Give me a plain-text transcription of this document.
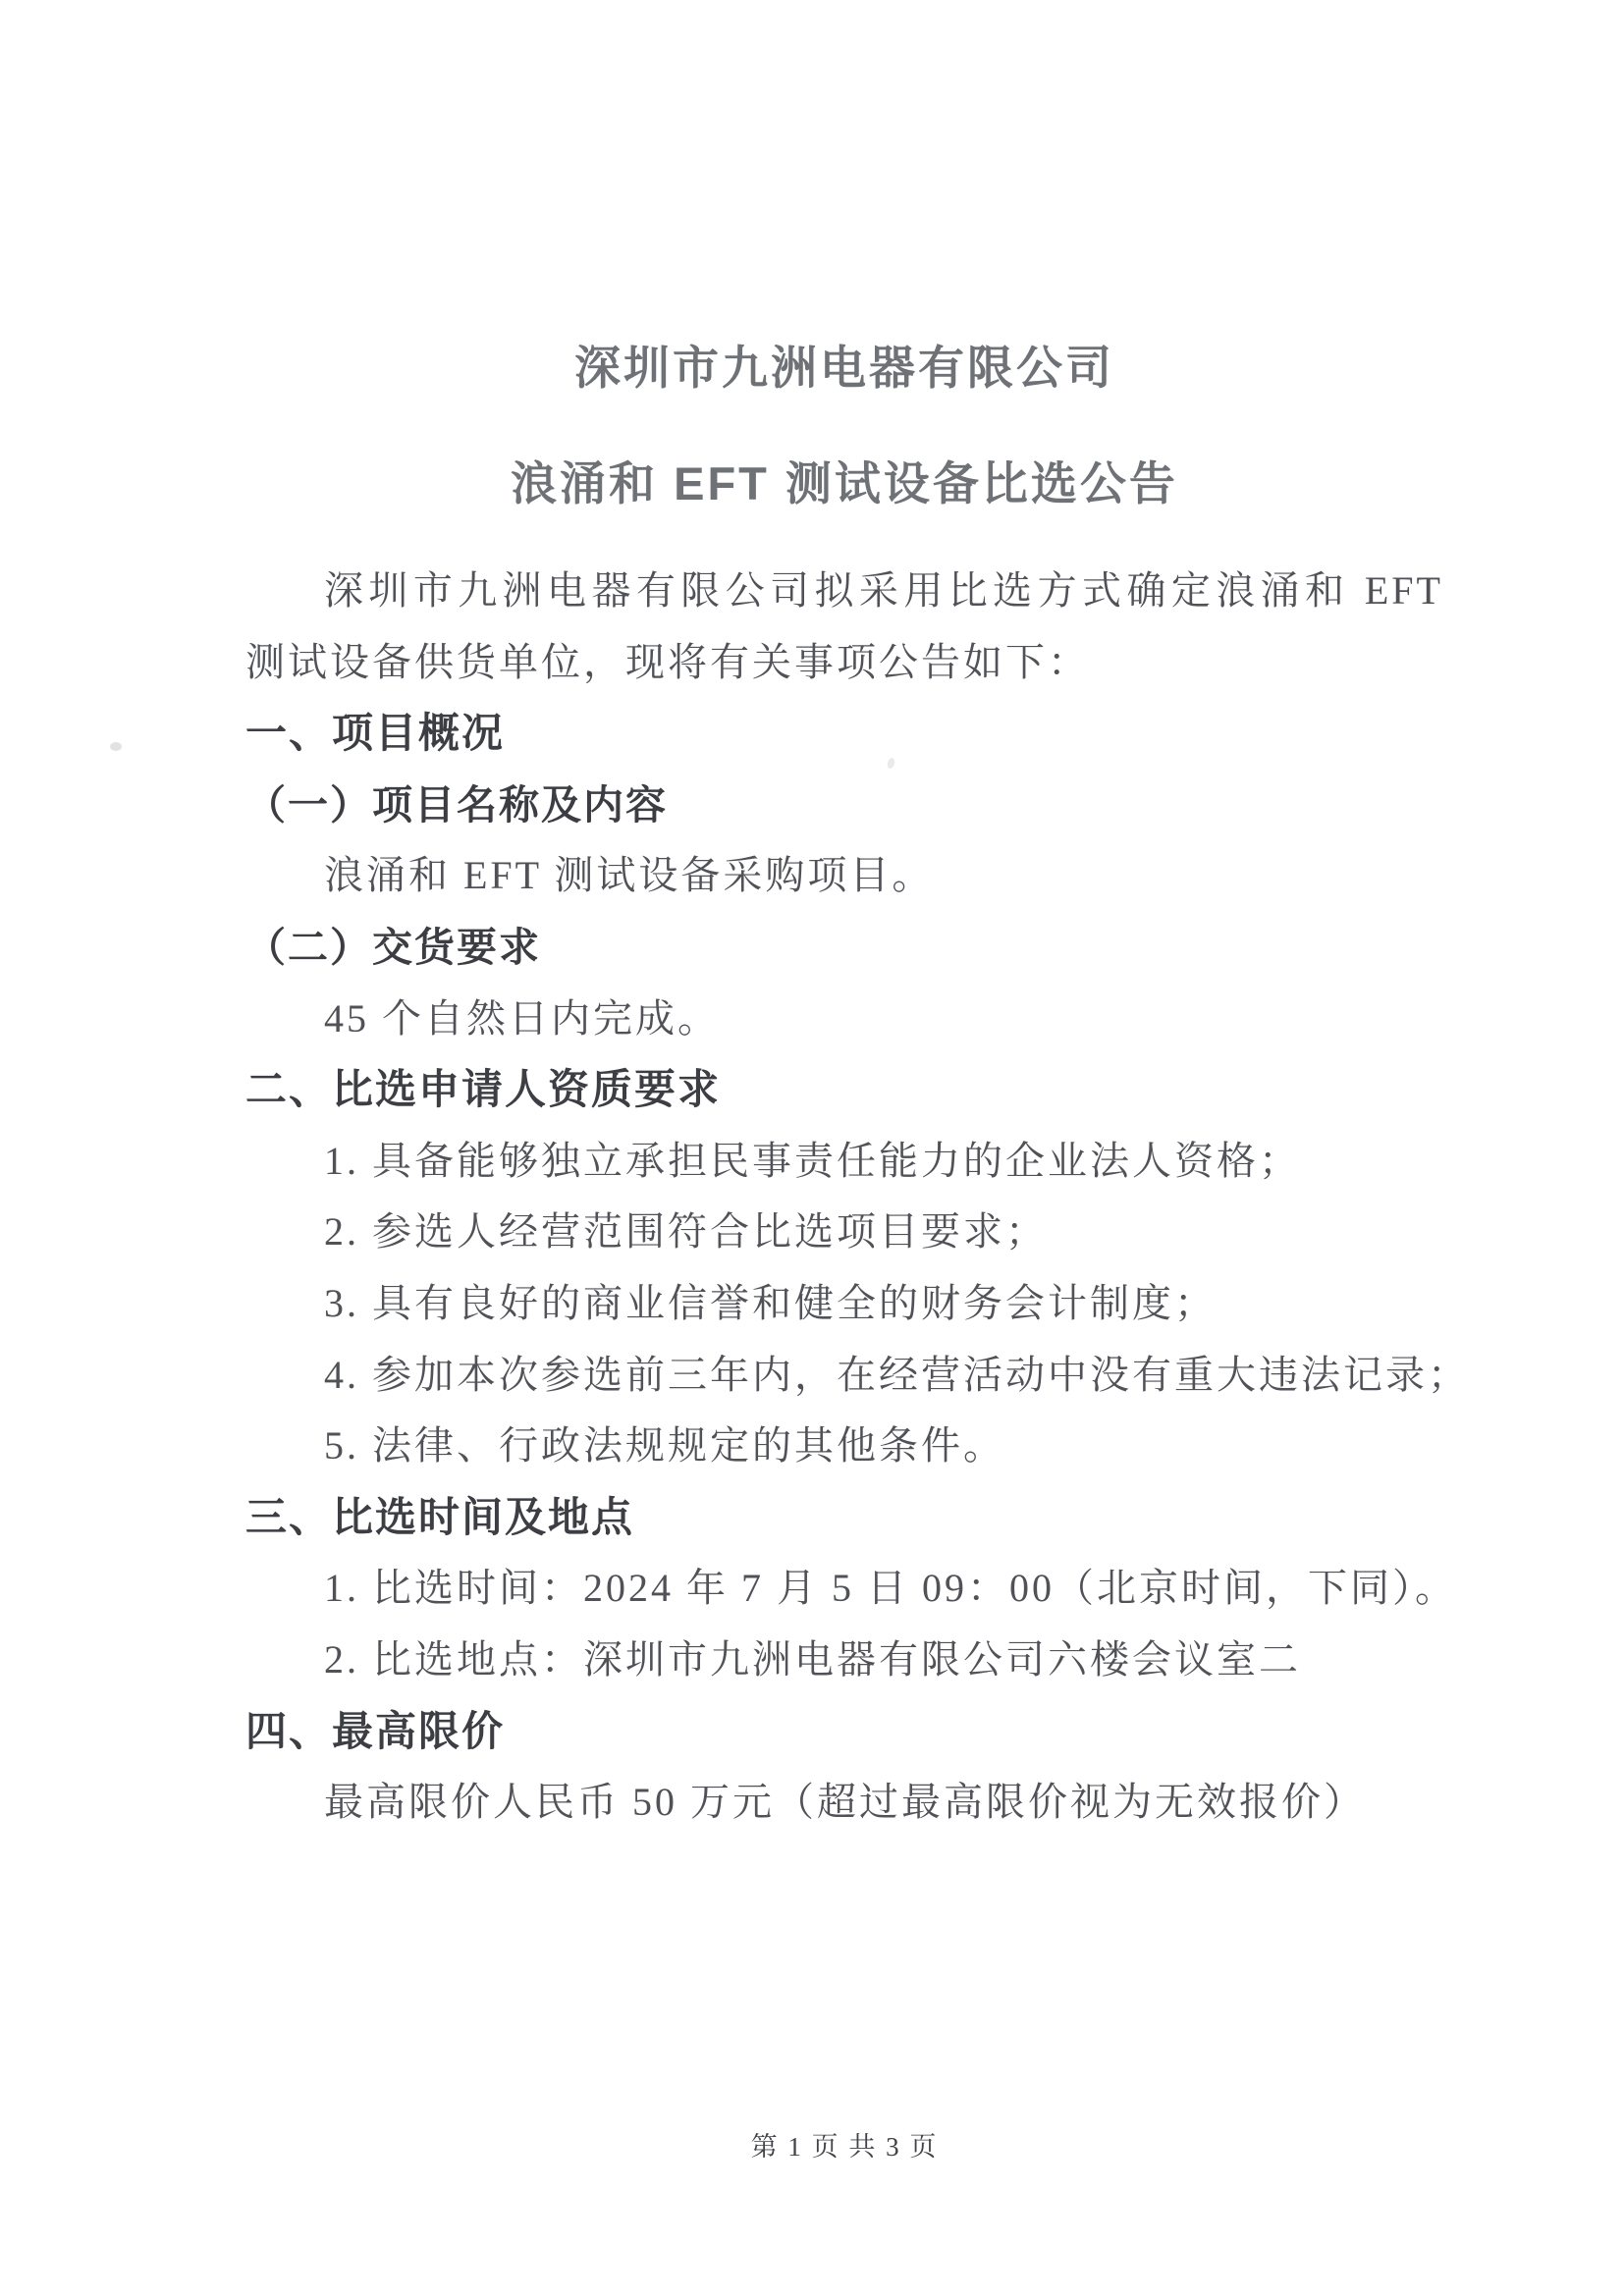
深圳市九洲电器有限公司
浪涌和 EFT 测试设备比选公告
深圳市九洲电器有限公司拟采用比选方式确定浪涌和 EFT
测试设备供货单位，现将有关事项公告如下：
一、项目概况
（一）项目名称及内容
浪涌和 EFT 测试设备采购项目。
（二）交货要求
45 个自然日内完成。
二、比选申请人资质要求
1. 具备能够独立承担民事责任能力的企业法人资格；
2. 参选人经营范围符合比选项目要求；
3. 具有良好的商业信誉和健全的财务会计制度；
4. 参加本次参选前三年内，在经营活动中没有重大违法记录；
5. 法律、行政法规规定的其他条件。
三、比选时间及地点
1. 比选时间：2024 年 7 月 5 日 09：00（北京时间，下同）。
2. 比选地点：深圳市九洲电器有限公司六楼会议室二
四、最高限价
最高限价人民币 50 万元（超过最高限价视为无效报价）
第 1 页 共 3 页
